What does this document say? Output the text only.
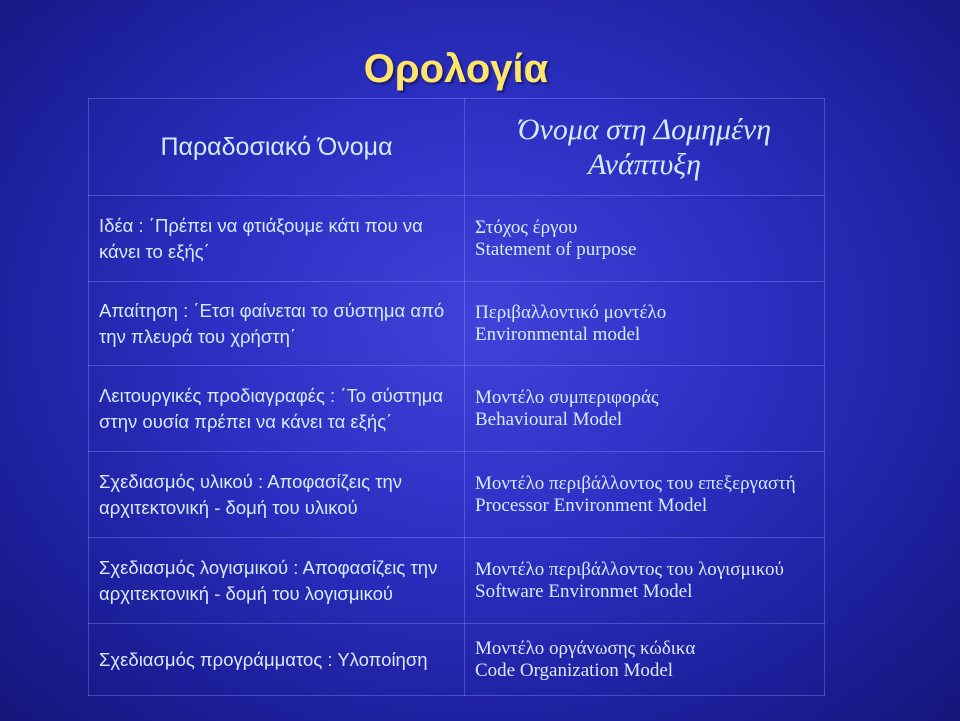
Ορολογία
Παραδοσιακό Όνομα	Όνομα στη Δομημένη Ανάπτυξη
Ιδέα : ΄Πρέπει να φτιάξουμε κάτι που να κάνει το εξής΄	Στόχος έργου
Statement of purpose

Απαίτηση : ΄Ετσι φαίνεται το σύστημα από την πλευρά του χρήστη΄	Περιβαλλοντικό μοντέλο
Environmental model

Λειτουργικές προδιαγραφές : ΄Το σύστημα στην ουσία πρέπει να κάνει τα εξής΄	Μοντέλο συμπεριφοράς
Behavioural Model

Σχεδιασμός υλικού : Αποφασίζεις την αρχιτεκτονική - δομή του υλικού	Μοντέλο περιβάλλοντος του επεξεργαστή
Processor Environment Model

Σχεδιασμός λογισμικού : Αποφασίζεις την αρχιτεκτονική - δομή του λογισμικού	Μοντέλο περιβάλλοντος του λογισμικού
Software Environmet Model

Σχεδιασμός προγράμματος : Υλοποίηση	Μοντέλο οργάνωσης κώδικα
Code Organization Model
